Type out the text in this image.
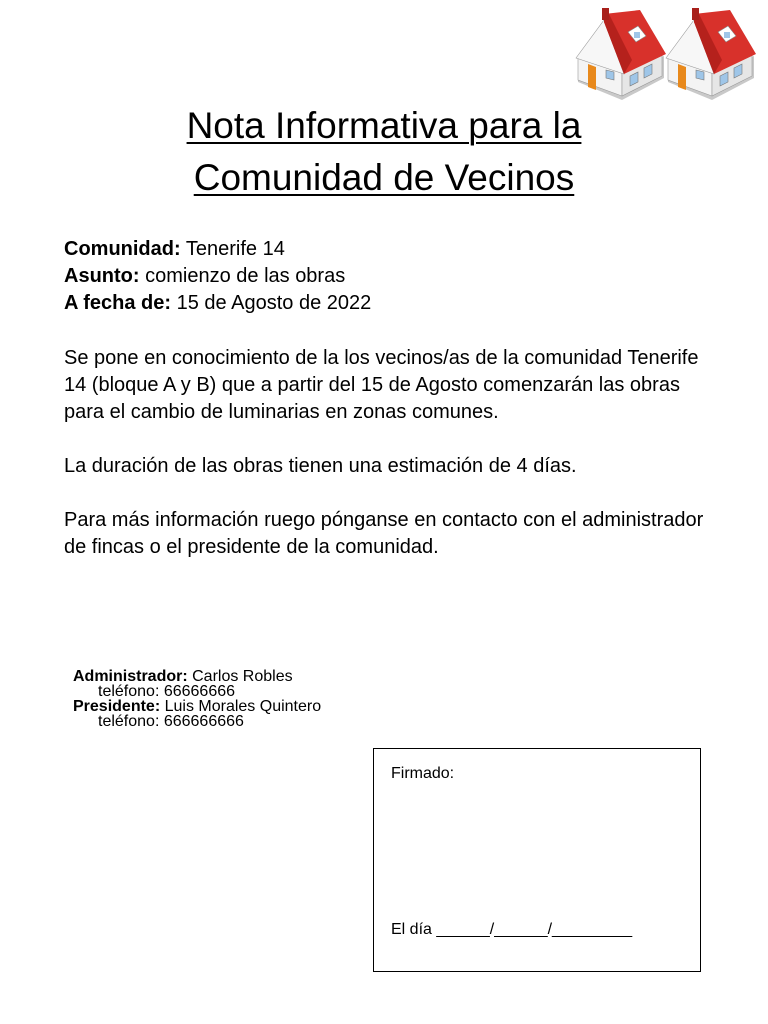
Nota Informativa para la
Comunidad de Vecinos
Comunidad: Tenerife 14
Asunto: comienzo de las obras
A fecha de: 15 de Agosto de 2022

Se pone en conocimiento de la los vecinos/as de la comunidad Tenerife 14 (bloque A y B) que a partir del 15 de Agosto comenzarán las obras para el cambio de luminarias en zonas comunes.

La duración de las obras tienen una estimación de 4 días.

Para más información ruego pónganse en contacto con el administrador de fincas o el presidente de la comunidad.

Administrador: Carlos Robles
teléfono: 66666666
Presidente: Luis Morales Quintero
teléfono: 666666666
Firmado:
El día ______/______/_________
